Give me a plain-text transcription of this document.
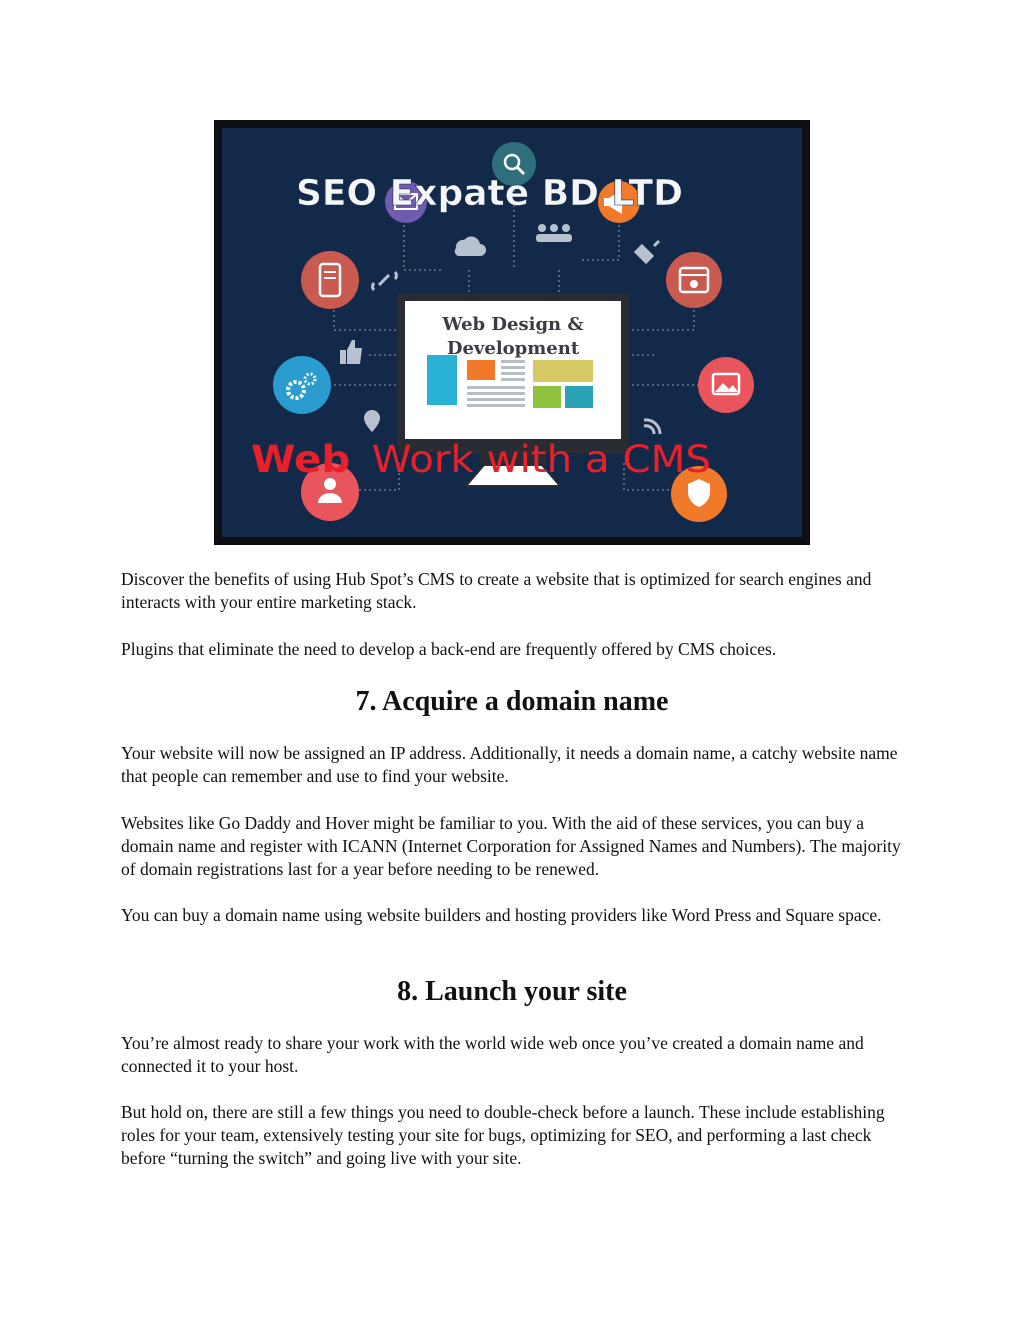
Web Design &
Development
SEO Expate BD LTD
Web Work with a CMS

Discover the benefits of using Hub Spot’s CMS to create a website that is optimized for search engines and interacts with your entire marketing stack.

Plugins that eliminate the need to develop a back-end are frequently offered by CMS choices.

7. Acquire a domain name

Your website will now be assigned an IP address. Additionally, it needs a domain name, a catchy website name that people can remember and use to find your website.

Websites like Go Daddy and Hover might be familiar to you. With the aid of these services, you can buy a domain name and register with ICANN (Internet Corporation for Assigned Names and Numbers). The majority of domain registrations last for a year before needing to be renewed.

You can buy a domain name using website builders and hosting providers like Word Press and Square space.

8. Launch your site

You’re almost ready to share your work with the world wide web once you’ve created a domain name and connected it to your host.

But hold on, there are still a few things you need to double-check before a launch. These include establishing roles for your team, extensively testing your site for bugs, optimizing for SEO, and performing a last check before “turning the switch” and going live with your site.
